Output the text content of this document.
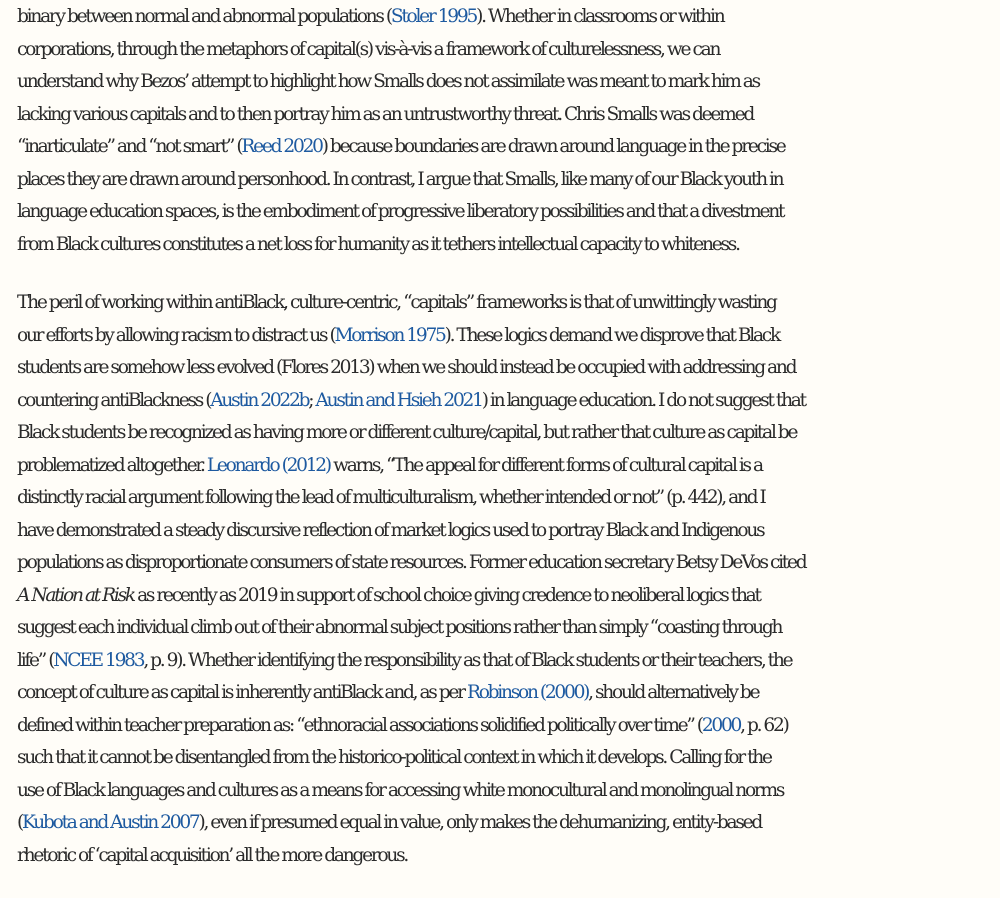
binary between normal and abnormal populations (Stoler 1995). Whether in classrooms or within
corporations, through the metaphors of capital(s) vis-à-vis a framework of culturelessness, we can
understand why Bezos’ attempt to highlight how Smalls does not assimilate was meant to mark him as
lacking various capitals and to then portray him as an untrustworthy threat. Chris Smalls was deemed
“inarticulate” and “not smart” (Reed 2020) because boundaries are drawn around language in the precise
places they are drawn around personhood. In contrast, I argue that Smalls, like many of our Black youth in
language education spaces, is the embodiment of progressive liberatory possibilities and that a divestment
from Black cultures constitutes a net loss for humanity as it tethers intellectual capacity to whiteness.

The peril of working within antiBlack, culture-centric, “capitals” frameworks is that of unwittingly wasting
our efforts by allowing racism to distract us (Morrison 1975). These logics demand we disprove that Black
students are somehow less evolved (Flores 2013) when we should instead be occupied with addressing and
countering antiBlackness (Austin 2022b; Austin and Hsieh 2021) in language education. I do not suggest that
Black students be recognized as having more or different culture/capital, but rather that culture as capital be
problematized altogether. Leonardo (2012) warns, “The appeal for different forms of cultural capital is a
distinctly racial argument following the lead of multiculturalism, whether intended or not” (p. 442), and I
have demonstrated a steady discursive reflection of market logics used to portray Black and Indigenous
populations as disproportionate consumers of state resources. Former education secretary Betsy DeVos cited
A Nation at Risk as recently as 2019 in support of school choice giving credence to neoliberal logics that
suggest each individual climb out of their abnormal subject positions rather than simply “coasting through
life” (NCEE 1983, p. 9). Whether identifying the responsibility as that of Black students or their teachers, the
concept of culture as capital is inherently antiBlack and, as per Robinson (2000), should alternatively be
defined within teacher preparation as: “ethnoracial associations solidified politically over time” (2000, p. 62)
such that it cannot be disentangled from the historico-political context in which it develops. Calling for the
use of Black languages and cultures as a means for accessing white monocultural and monolingual norms
(Kubota and Austin 2007), even if presumed equal in value, only makes the dehumanizing, entity-based
rhetoric of ‘capital acquisition’ all the more dangerous.
